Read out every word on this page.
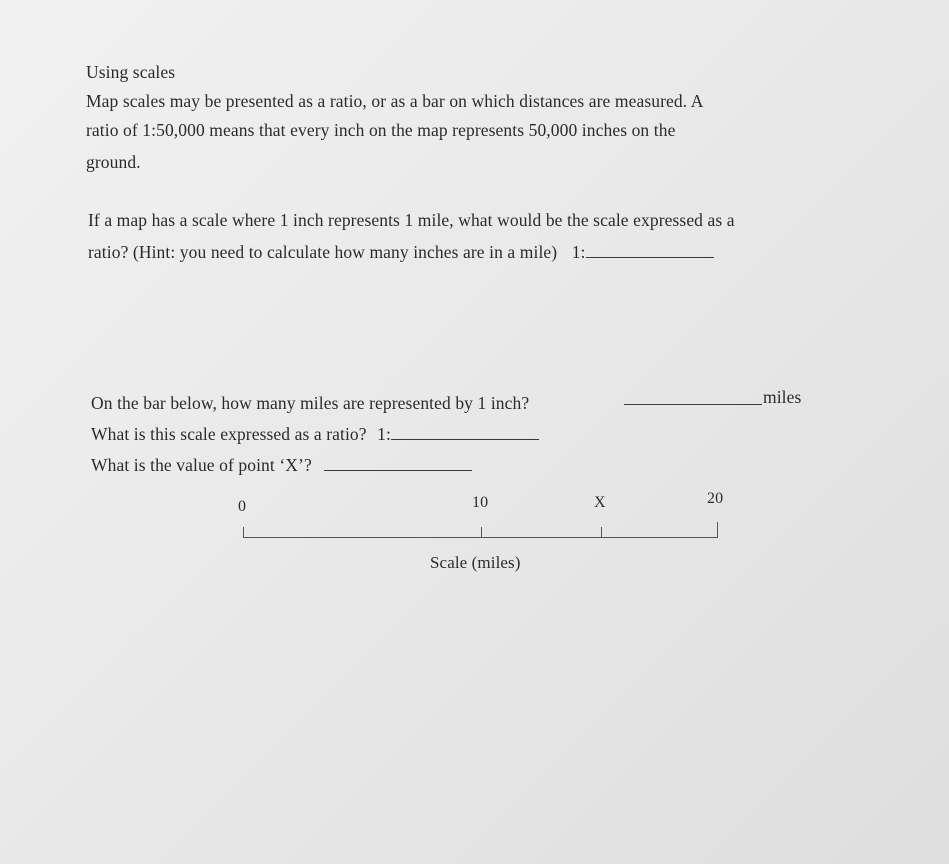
Using scales
Map scales may be presented as a ratio, or as a bar on which distances are measured. A
ratio of 1:50,000 means that every inch on the map represents 50,000 inches on the
ground.
If a map has a scale where 1 inch represents 1 mile, what would be the scale expressed as a
ratio? (Hint: you need to calculate how many inches are in a mile) 1:
On the bar below, how many miles are represented by 1 inch?	miles
What is this scale expressed as a ratio? 1:
What is the value of point ‘X’?
0	10	X	20
Scale (miles)
